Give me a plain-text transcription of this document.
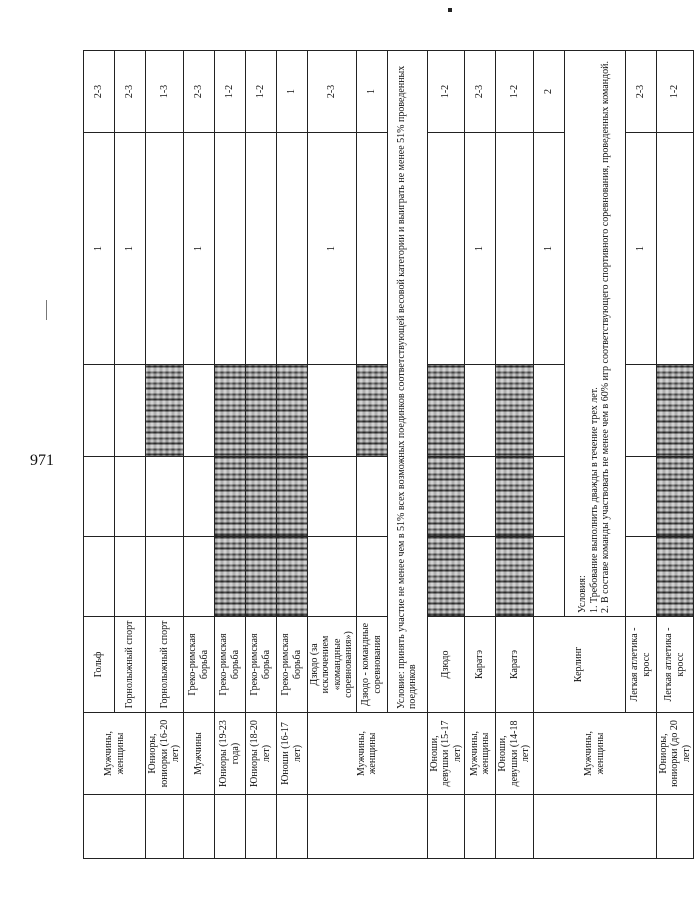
971
	Мужчины, женщины	Гольф				1	2-3	
		Горнолыжный спорт				1	2-3	
	Юниоры, юниорки (16-20 лет)	Горнолыжный спорт					1-3	
	Мужчины	Греко-римская борьба				1	2-3	
	Юниоры (19-23 года)	Греко-римская борьба					1-2	
	Юниоры (18-20 лет)	Греко-римская борьба					1-2	
	Юноши (16-17 лет)	Греко-римская борьба					1	
	Мужчины, женщины	Дзюдо (за исключением «командные соревнования»)				1	2-3	
		Дзюдо - командные соревнования					1	
		Условие: принять участие не менее чем в 51% всех возможных поединков соответствующей весовой категории и выиграть не менее 51% проведенных поединков						
	Юноши, девушки (15-17 лет)	Дзюдо					1-2	
	Мужчины, женщины	Каратэ				1	2-3	
	Юноши, девушки (14-18 лет)	Каратэ					1-2	
	Мужчины, женщины	Керлинг				1	2	
			Условия:
1. Требование выполнить дважды в течение трех лет.
2. В составе команды участвовать не менее чем в 60% игр соответствующего спортивного соревнования, проведенных командой.					
		Легкая атлетика - кросс				1	2-3	
	Юниоры, юниорки (до 20 лет)	Легкая атлетика - кросс					1-2	
